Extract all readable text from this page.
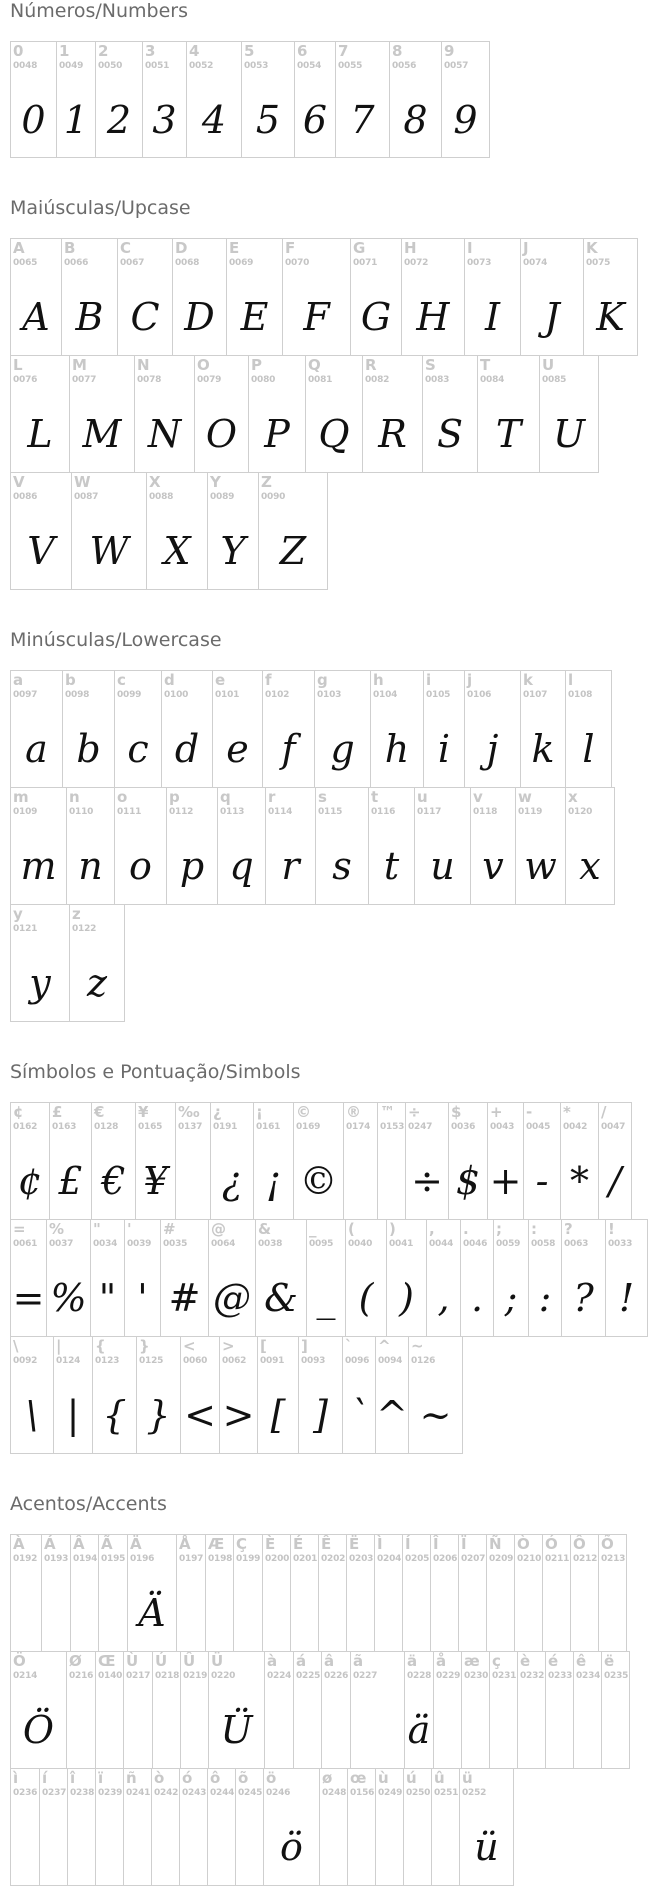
Números/Numbers
0
0048
0
1
0049
1
2
0050
2
3
0051
3
4
0052
4
5
0053
5
6
0054
6
7
0055
7
8
0056
8
9
0057
9
Maiúsculas/Upcase
A
0065
A
B
0066
B
C
0067
C
D
0068
D
E
0069
E
F
0070
F
G
0071
G
H
0072
H
I
0073
I
J
0074
J
K
0075
K
L
0076
L
M
0077
M
N
0078
N
O
0079
O
P
0080
P
Q
0081
Q
R
0082
R
S
0083
S
T
0084
T
U
0085
U
V
0086
V
W
0087
W
X
0088
X
Y
0089
Y
Z
0090
Z
Minúsculas/Lowercase
a
0097
a
b
0098
b
c
0099
c
d
0100
d
e
0101
e
f
0102
f
g
0103
g
h
0104
h
i
0105
i
j
0106
j
k
0107
k
l
0108
l
m
0109
m
n
0110
n
o
0111
o
p
0112
p
q
0113
q
r
0114
r
s
0115
s
t
0116
t
u
0117
u
v
0118
v
w
0119
w
x
0120
x
y
0121
y
z
0122
z
Símbolos e Pontuação/Simbols
¢
0162
¢
£
0163
£
€
0128
€
¥
0165
¥
‰
0137
¿
0191
¿
¡
0161
¡
©
0169
©
®
0174
™
0153
÷
0247
÷
$
0036
$
+
0043
+
-
0045
-
*
0042
*
/
0047
/
=
0061
=
%
0037
%
"
0034
"
'
0039
'
#
0035
#
@
0064
@
&
0038
&
_
0095
_
(
0040
(
)
0041
)
,
0044
,
.
0046
.
;
0059
;
:
0058
:
?
0063
?
!
0033
!
\
0092
\
|
0124
|
{
0123
{
}
0125
}
<
0060
<
>
0062
>
[
0091
[
]
0093
]
`
0096
`
^
0094
^
~
0126
~
Acentos/Accents
À
0192
Á
0193
Â
0194
Ã
0195
Ä
0196
Ä
Å
0197
Æ
0198
Ç
0199
È
0200
É
0201
Ê
0202
Ë
0203
Ì
0204
Í
0205
Î
0206
Ï
0207
Ñ
0209
Ò
0210
Ó
0211
Ô
0212
Õ
0213
Ö
0214
Ö
Ø
0216
Œ
0140
Ù
0217
Ú
0218
Û
0219
Ü
0220
Ü
à
0224
á
0225
â
0226
ã
0227
ä
0228
ä
å
0229
æ
0230
ç
0231
è
0232
é
0233
ê
0234
ë
0235
ì
0236
í
0237
î
0238
ï
0239
ñ
0241
ò
0242
ó
0243
ô
0244
õ
0245
ö
0246
ö
ø
0248
œ
0156
ù
0249
ú
0250
û
0251
ü
0252
ü
